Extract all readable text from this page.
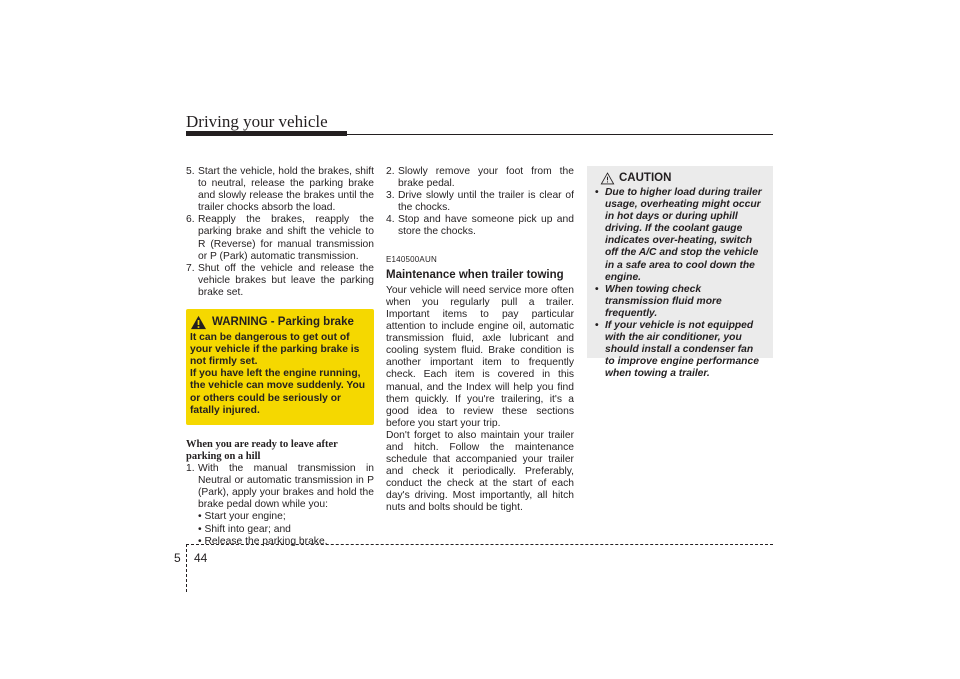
Driving your vehicle
5. Start the vehicle, hold the brakes, shift to neutral, release the parking brake and slowly release the brakes until the trailer chocks absorb the load.
6. Reapply the brakes, reapply the parking brake and shift the vehicle to R (Reverse) for manual transmission or P (Park) automatic transmission.
7. Shut off the vehicle and release the vehicle brakes but leave the parking brake set.
WARNING - Parking brake
It can be dangerous to get out of your vehicle if the parking brake is not firmly set.
If you have left the engine running, the vehicle can move suddenly. You or others could be seriously or fatally injured.
When you are ready to leave after parking on a hill
1. With the manual transmission in Neutral or automatic transmission in P (Park), apply your brakes and hold the brake pedal down while you:
• Start your engine;
• Shift into gear; and
• Release the parking brake.
2. Slowly remove your foot from the brake pedal.
3. Drive slowly until the trailer is clear of the chocks.
4. Stop and have someone pick up and store the chocks.
E140500AUN
Maintenance when trailer towing

Your vehicle will need service more often when you regularly pull a trailer. Important items to pay particular attention to include engine oil, automatic transmission fluid, axle lubricant and cooling system fluid. Brake condition is another important item to frequently check. Each item is covered in this manual, and the Index will help you find them quickly. If you're trailering, it's a good idea to review these sections before you start your trip.

Don't forget to also maintain your trailer and hitch. Follow the maintenance schedule that accompanied your trailer and check it periodically. Preferably, conduct the check at the start of each day's driving. Most importantly, all hitch nuts and bolts should be tight.

CAUTION
• Due to higher load during trailer usage, overheating might occur in hot days or during uphill driving. If the coolant gauge indicates over-heating, switch off the A/C and stop the vehicle in a safe area to cool down the engine.
• When towing check transmission fluid more frequently.
• If your vehicle is not equipped with the air conditioner, you should install a condenser fan to improve engine performance when towing a trailer.
5 44
